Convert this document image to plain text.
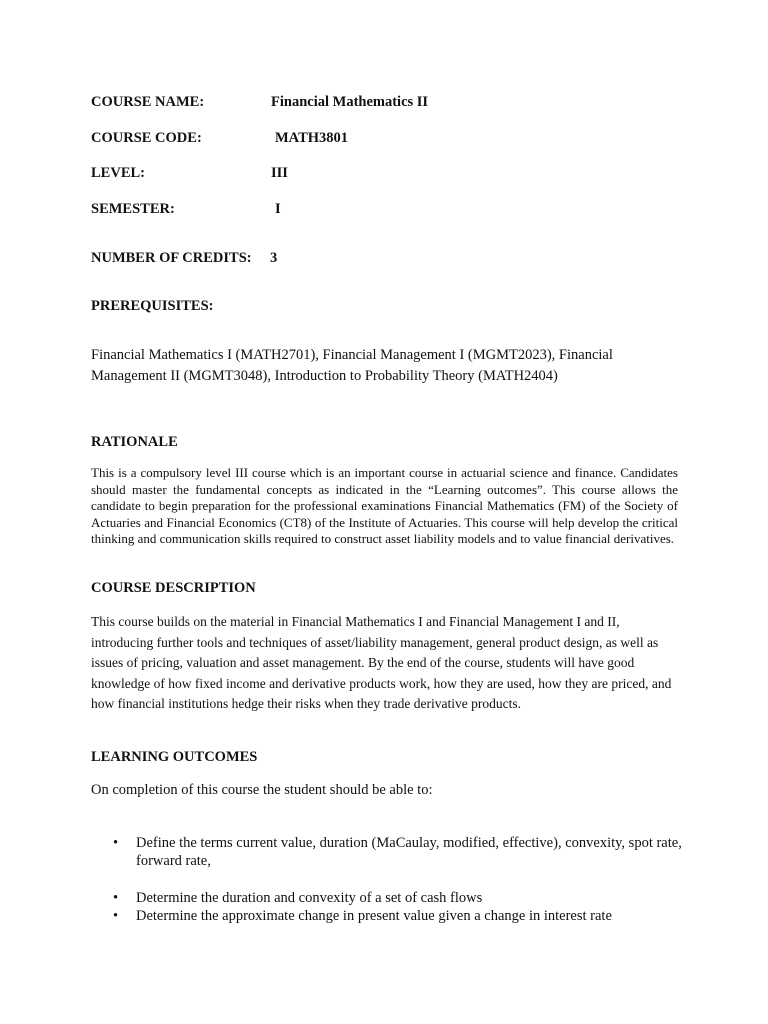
COURSE NAME:	Financial Mathematics II
COURSE CODE:	MATH3801
LEVEL:	III
SEMESTER:	I
NUMBER OF CREDITS: 3
PREREQUISITES:
Financial Mathematics I (MATH2701), Financial Management I (MGMT2023), Financial Management II (MGMT3048), Introduction to Probability Theory (MATH2404)
RATIONALE
This is a compulsory level III course which is an important course in actuarial science and finance. Candidates should master the fundamental concepts as indicated in the “Learning outcomes”. This course allows the candidate to begin preparation for the professional examinations Financial Mathematics (FM) of the Society of Actuaries and Financial Economics (CT8) of the Institute of Actuaries. This course will help develop the critical thinking and communication skills required to construct asset liability models and to value financial derivatives.
COURSE DESCRIPTION
This course builds on the material in Financial Mathematics I and Financial Management I and II, introducing further tools and techniques of asset/liability management, general product design, as well as issues of pricing, valuation and asset management. By the end of the course, students will have good knowledge of how fixed income and derivative products work, how they are used, how they are priced, and how financial institutions hedge their risks when they trade derivative products.
LEARNING OUTCOMES
On completion of this course the student should be able to:
• Define the terms current value, duration (MaCaulay, modified, effective), convexity, spot rate, forward rate,
• Determine the duration and convexity of a set of cash flows
• Determine the approximate change in present value given a change in interest rate
